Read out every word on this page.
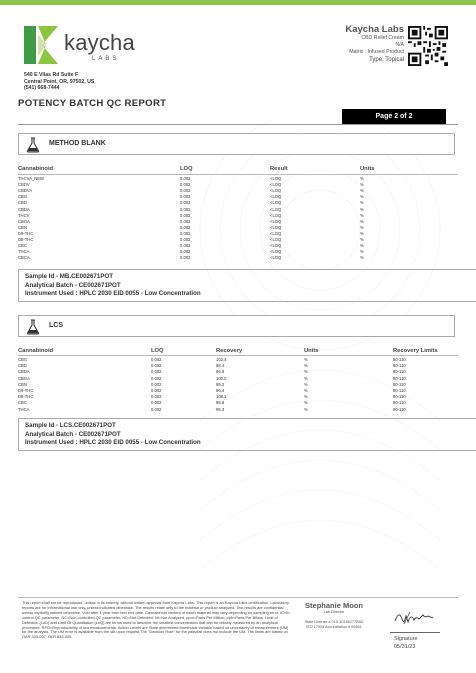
kaycha
LABS
540 E Vilas Rd Suite F
Central Point, OR, 97502, US
(541) 668-7444
Kaycha Labs
CBD Relief Cream
N/A
Matrix : Infused Product
Type: Topical
POTENCY BATCH QC REPORT
Page 2 of 2
METHOD BLANK
Cannabinoid	LOQ	Result	Units
THCVA_NEW	0.002	<LOQ	%
CBDV	0.002	<LOQ	%
CBDVA	0.002	<LOQ	%
CBG	0.002	<LOQ	%
CBD	0.002	<LOQ	%
CBDA	0.002	<LOQ	%
THCV	0.002	<LOQ	%
CBGA	0.002	<LOQ	%
CBN	0.002	<LOQ	%
D9-THC	0.002	<LOQ	%
D8-THC	0.002	<LOQ	%
CBC	0.002	<LOQ	%
THCA	0.002	<LOQ	%
CBCA	0.002	<LOQ	%
Sample Id - MB.CE002671POT
Analytical Batch - CE002671POT
Instrument Used : HPLC 2030 EID 0055 - Low Concentration
LCS
Cannabinoid	LOQ	Recovery	Units	Recovery Limits
CBG	0.002	102.4	%	80-110
CBD	0.002	98.4	%	80-110
CBDA	0.002	96.8	%	80-110
CBGA	0.002	100.0	%	80-110
CBN	0.002	95.2	%	80-110
D9-THC	0.002	96.4	%	80-110
D8-THC	0.002	108.1	%	80-110
CBC	0.002	95.8	%	80-110
THCA	0.002	95.3	%	80-110
Sample Id - LCS.CE002671POT
Analytical Batch - CE002671POT
Instrument Used : HPLC 2030 EID 0055 - Low Concentration
This report shall not be reproduced, unless in its entirety, without written approval from Kaycha Labs. This report is an Kaycha Labs certification. Laboratory reports are for informational use only, unless indicated otherwise. The results relate only to the material or product analyzed. Test results are confidential unless explicitly waived otherwise. Void after 1 year from test end date. Cannabinoid content of batch material may vary depending on sampling error. IC=In-control QC parameter, NC=Non-controlled QC parameter, ND=Not Detected, NI=Not Analyzed, ppm=Parts Per Million, ppb=Parts Per Billion. Limit of Detection (LoD) and Limit Of Quantitation (LoQ) are terms used to describe the smallest concentration that can be reliably measured by an analytical procedure. RPD=Reproducibility of two measurements. Action Levels are State determined thresholds variable based on uncertainty of measurement (UM) for the analysis. The UM error is available from the lab upon request.The "Decision Rule" for the pass/fail does not include the UM. The limits are based on OAR 333-007, OLR 845-025.
Stephanie Moon
Lab Director
State License # 010-10166277B9D
ISO 17025 Accreditation # 99861
Signature
05/31/23
